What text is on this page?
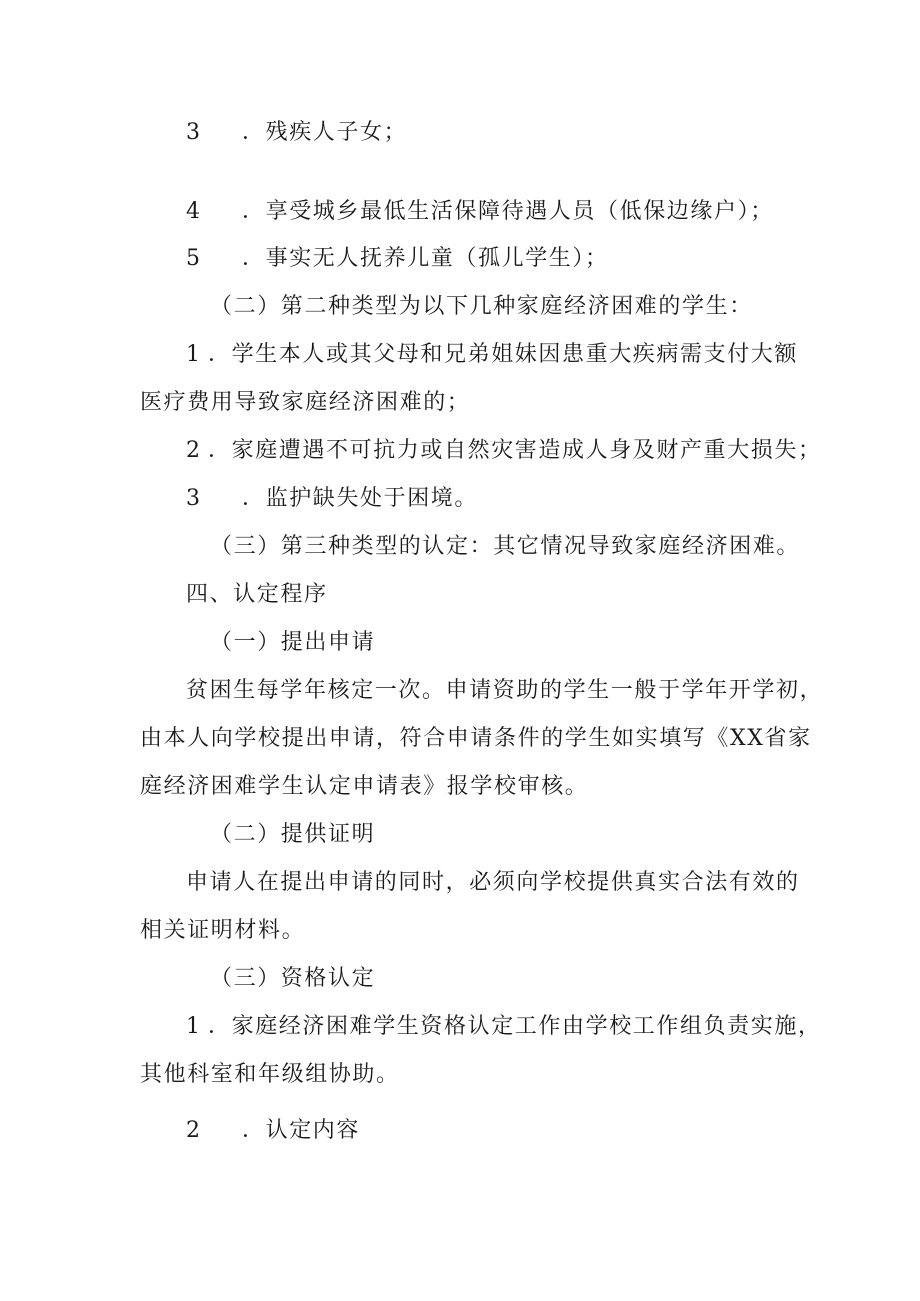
3 ．残疾人子女；
4 ．享受城乡最低生活保障待遇人员（低保边缘户）；
5 ．事实无人抚养儿童（孤儿学生）；
（二）第二种类型为以下几种家庭经济困难的学生：
1 ．学生本人或其父母和兄弟姐妹因患重大疾病需支付大额
医疗费用导致家庭经济困难的；
2 ．家庭遭遇不可抗力或自然灾害造成人身及财产重大损失；
3 ．监护缺失处于困境。
（三）第三种类型的认定：其它情况导致家庭经济困难。
四、认定程序
（一）提出申请
贫困生每学年核定一次。申请资助的学生一般于学年开学初，
由本人向学校提出申请，符合申请条件的学生如实填写《XX省家
庭经济困难学生认定申请表》报学校审核。
（二）提供证明
申请人在提出申请的同时，必须向学校提供真实合法有效的
相关证明材料。
（三）资格认定
1 ．家庭经济困难学生资格认定工作由学校工作组负责实施，
其他科室和年级组协助。
2 ．认定内容
